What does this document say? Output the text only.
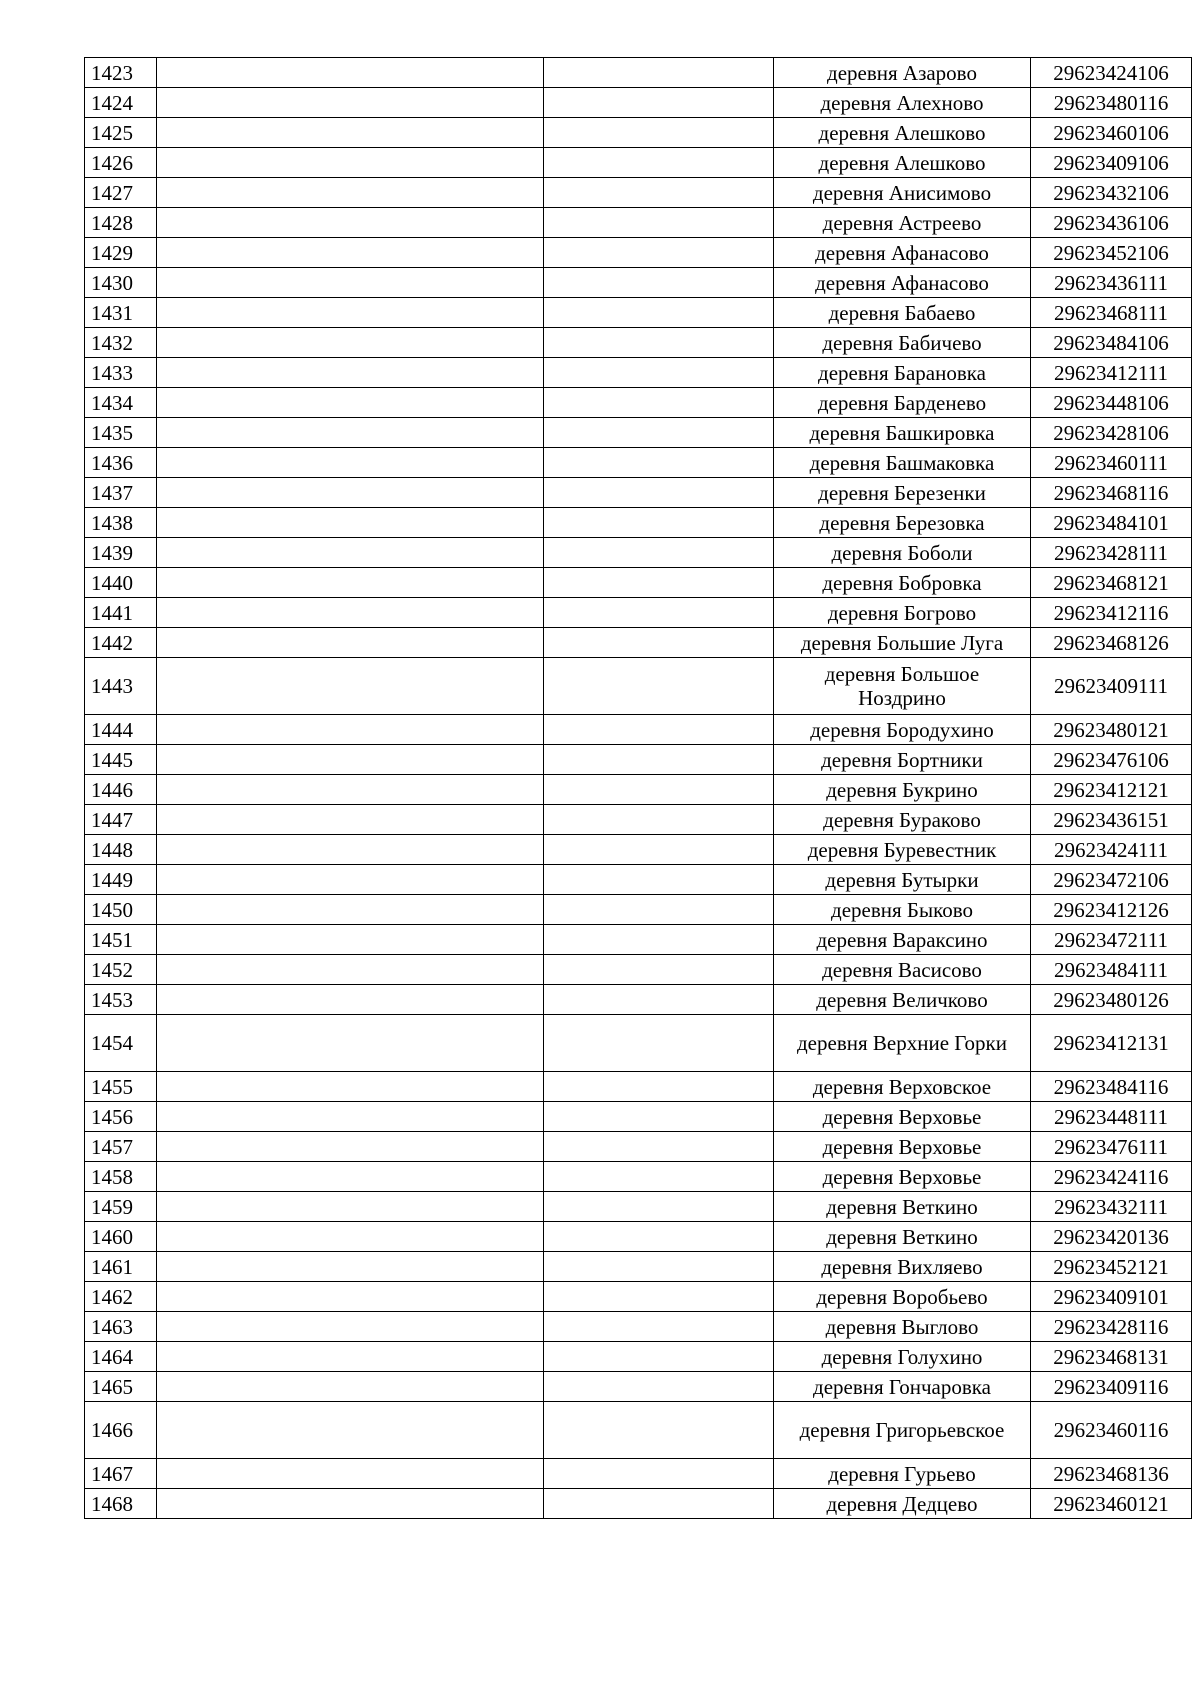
1423			деревня Азарово	29623424106
1424			деревня Алехново	29623480116
1425			деревня Алешково	29623460106
1426			деревня Алешково	29623409106
1427			деревня Анисимово	29623432106
1428			деревня Астреево	29623436106
1429			деревня Афанасово	29623452106
1430			деревня Афанасово	29623436111
1431			деревня Бабаево	29623468111
1432			деревня Бабичево	29623484106
1433			деревня Барановка	29623412111
1434			деревня Барденево	29623448106
1435			деревня Башкировка	29623428106
1436			деревня Башмаковка	29623460111
1437			деревня Березенки	29623468116
1438			деревня Березовка	29623484101
1439			деревня Боболи	29623428111
1440			деревня Бобровка	29623468121
1441			деревня Богрово	29623412116
1442			деревня Большие Луга	29623468126
1443			деревня Большое Ноздрино	29623409111
1444			деревня Бородухино	29623480121
1445			деревня Бортники	29623476106
1446			деревня Букрино	29623412121
1447			деревня Бураково	29623436151
1448			деревня Буревестник	29623424111
1449			деревня Бутырки	29623472106
1450			деревня Быково	29623412126
1451			деревня Вараксино	29623472111
1452			деревня Васисово	29623484111
1453			деревня Величково	29623480126
1454			деревня Верхние Горки	29623412131
1455			деревня Верховское	29623484116
1456			деревня Верховье	29623448111
1457			деревня Верховье	29623476111
1458			деревня Верховье	29623424116
1459			деревня Веткино	29623432111
1460			деревня Веткино	29623420136
1461			деревня Вихляево	29623452121
1462			деревня Воробьево	29623409101
1463			деревня Выглово	29623428116
1464			деревня Голухино	29623468131
1465			деревня Гончаровка	29623409116
1466			деревня Григорьевское	29623460116
1467			деревня Гурьево	29623468136
1468			деревня Дедцево	29623460121
